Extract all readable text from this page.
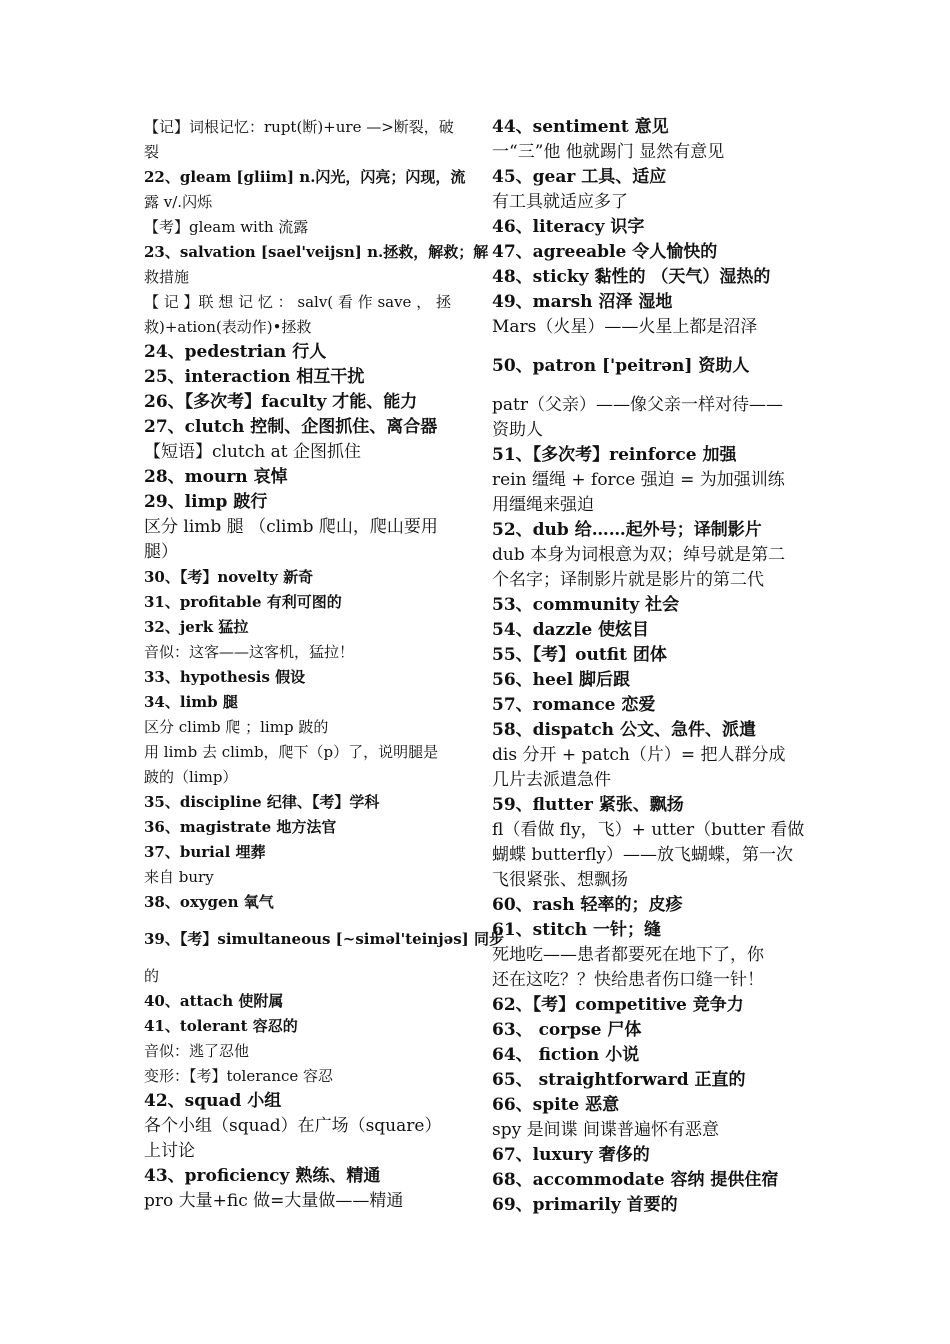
【记】词根记忆：rupt(断)+ure —>断裂，破
裂
22、gleam [gliim] n.闪光，闪亮；闪现，流
露 v/.闪烁
【考】gleam with 流露
23、salvation [sael'veijsn] n.拯救，解救；解
救措施
【 记 】联 想 记 忆 ： salv( 看 作 save ， 拯
救)+ation(表动作)•拯救
24、pedestrian 行人
25、interaction 相互干扰
26、【多次考】faculty 才能、能力
27、clutch 控制、企图抓住、离合器
【短语】clutch at 企图抓住
28、mourn 哀悼
29、limp 跛行
区分 limb 腿 （climb 爬山，爬山要用
腿）
30、【考】novelty 新奇
31、profitable 有利可图的
32、jerk 猛拉
音似：这客——这客机，猛拉！
33、hypothesis 假设
34、limb 腿
区分 climb 爬 ；limp 跛的
用 limb 去 climb，爬下（p）了，说明腿是
跛的（limp）
35、discipline 纪律、【考】学科
36、magistrate 地方法官
37、burial 埋葬
来自 bury
38、oxygen 氧气
39、【考】simultaneous [~siməl'teinjəs] 同步
的
40、attach 使附属
41、tolerant 容忍的
音似：逃了忍他
变形：【考】tolerance 容忍
42、squad 小组
各个小组（squad）在广场（square）
上讨论
43、proficiency 熟练、精通
pro 大量+fic 做=大量做——精通
44、sentiment 意见
一“三”他 他就踢门 显然有意见
45、gear 工具、适应
有工具就适应多了
46、literacy 识字
47、agreeable 令人愉快的
48、sticky 黏性的 （天气）湿热的
49、marsh 沼泽 湿地
Mars（火星）——火星上都是沼泽
50、patron ['peitrən] 资助人
patr（父亲）——像父亲一样对待——
资助人
51、【多次考】reinforce 加强
rein 缰绳 + force 强迫 = 为加强训练
用缰绳来强迫
52、dub 给……起外号；译制影片
dub 本身为词根意为双；绰号就是第二
个名字；译制影片就是影片的第二代
53、community 社会
54、dazzle 使炫目
55、【考】outfit 团体
56、heel 脚后跟
57、romance 恋爱
58、dispatch 公文、急件、派遣
dis 分开 + patch（片）= 把人群分成
几片去派遣急件
59、flutter 紧张、飘扬
fl（看做 fly，飞）+ utter（butter 看做
蝴蝶 butterfly）——放飞蝴蝶，第一次
飞很紧张、想飘扬
60、rash 轻率的；皮疹
61、stitch 一针；缝
死地吃——患者都要死在地下了，你
还在这吃？？快给患者伤口缝一针！
62、【考】competitive 竞争力
63、 corpse 尸体
64、 fiction 小说
65、 straightforward 正直的
66、spite 恶意
spy 是间谍 间谍普遍怀有恶意
67、luxury 奢侈的
68、accommodate 容纳 提供住宿
69、primarily 首要的
